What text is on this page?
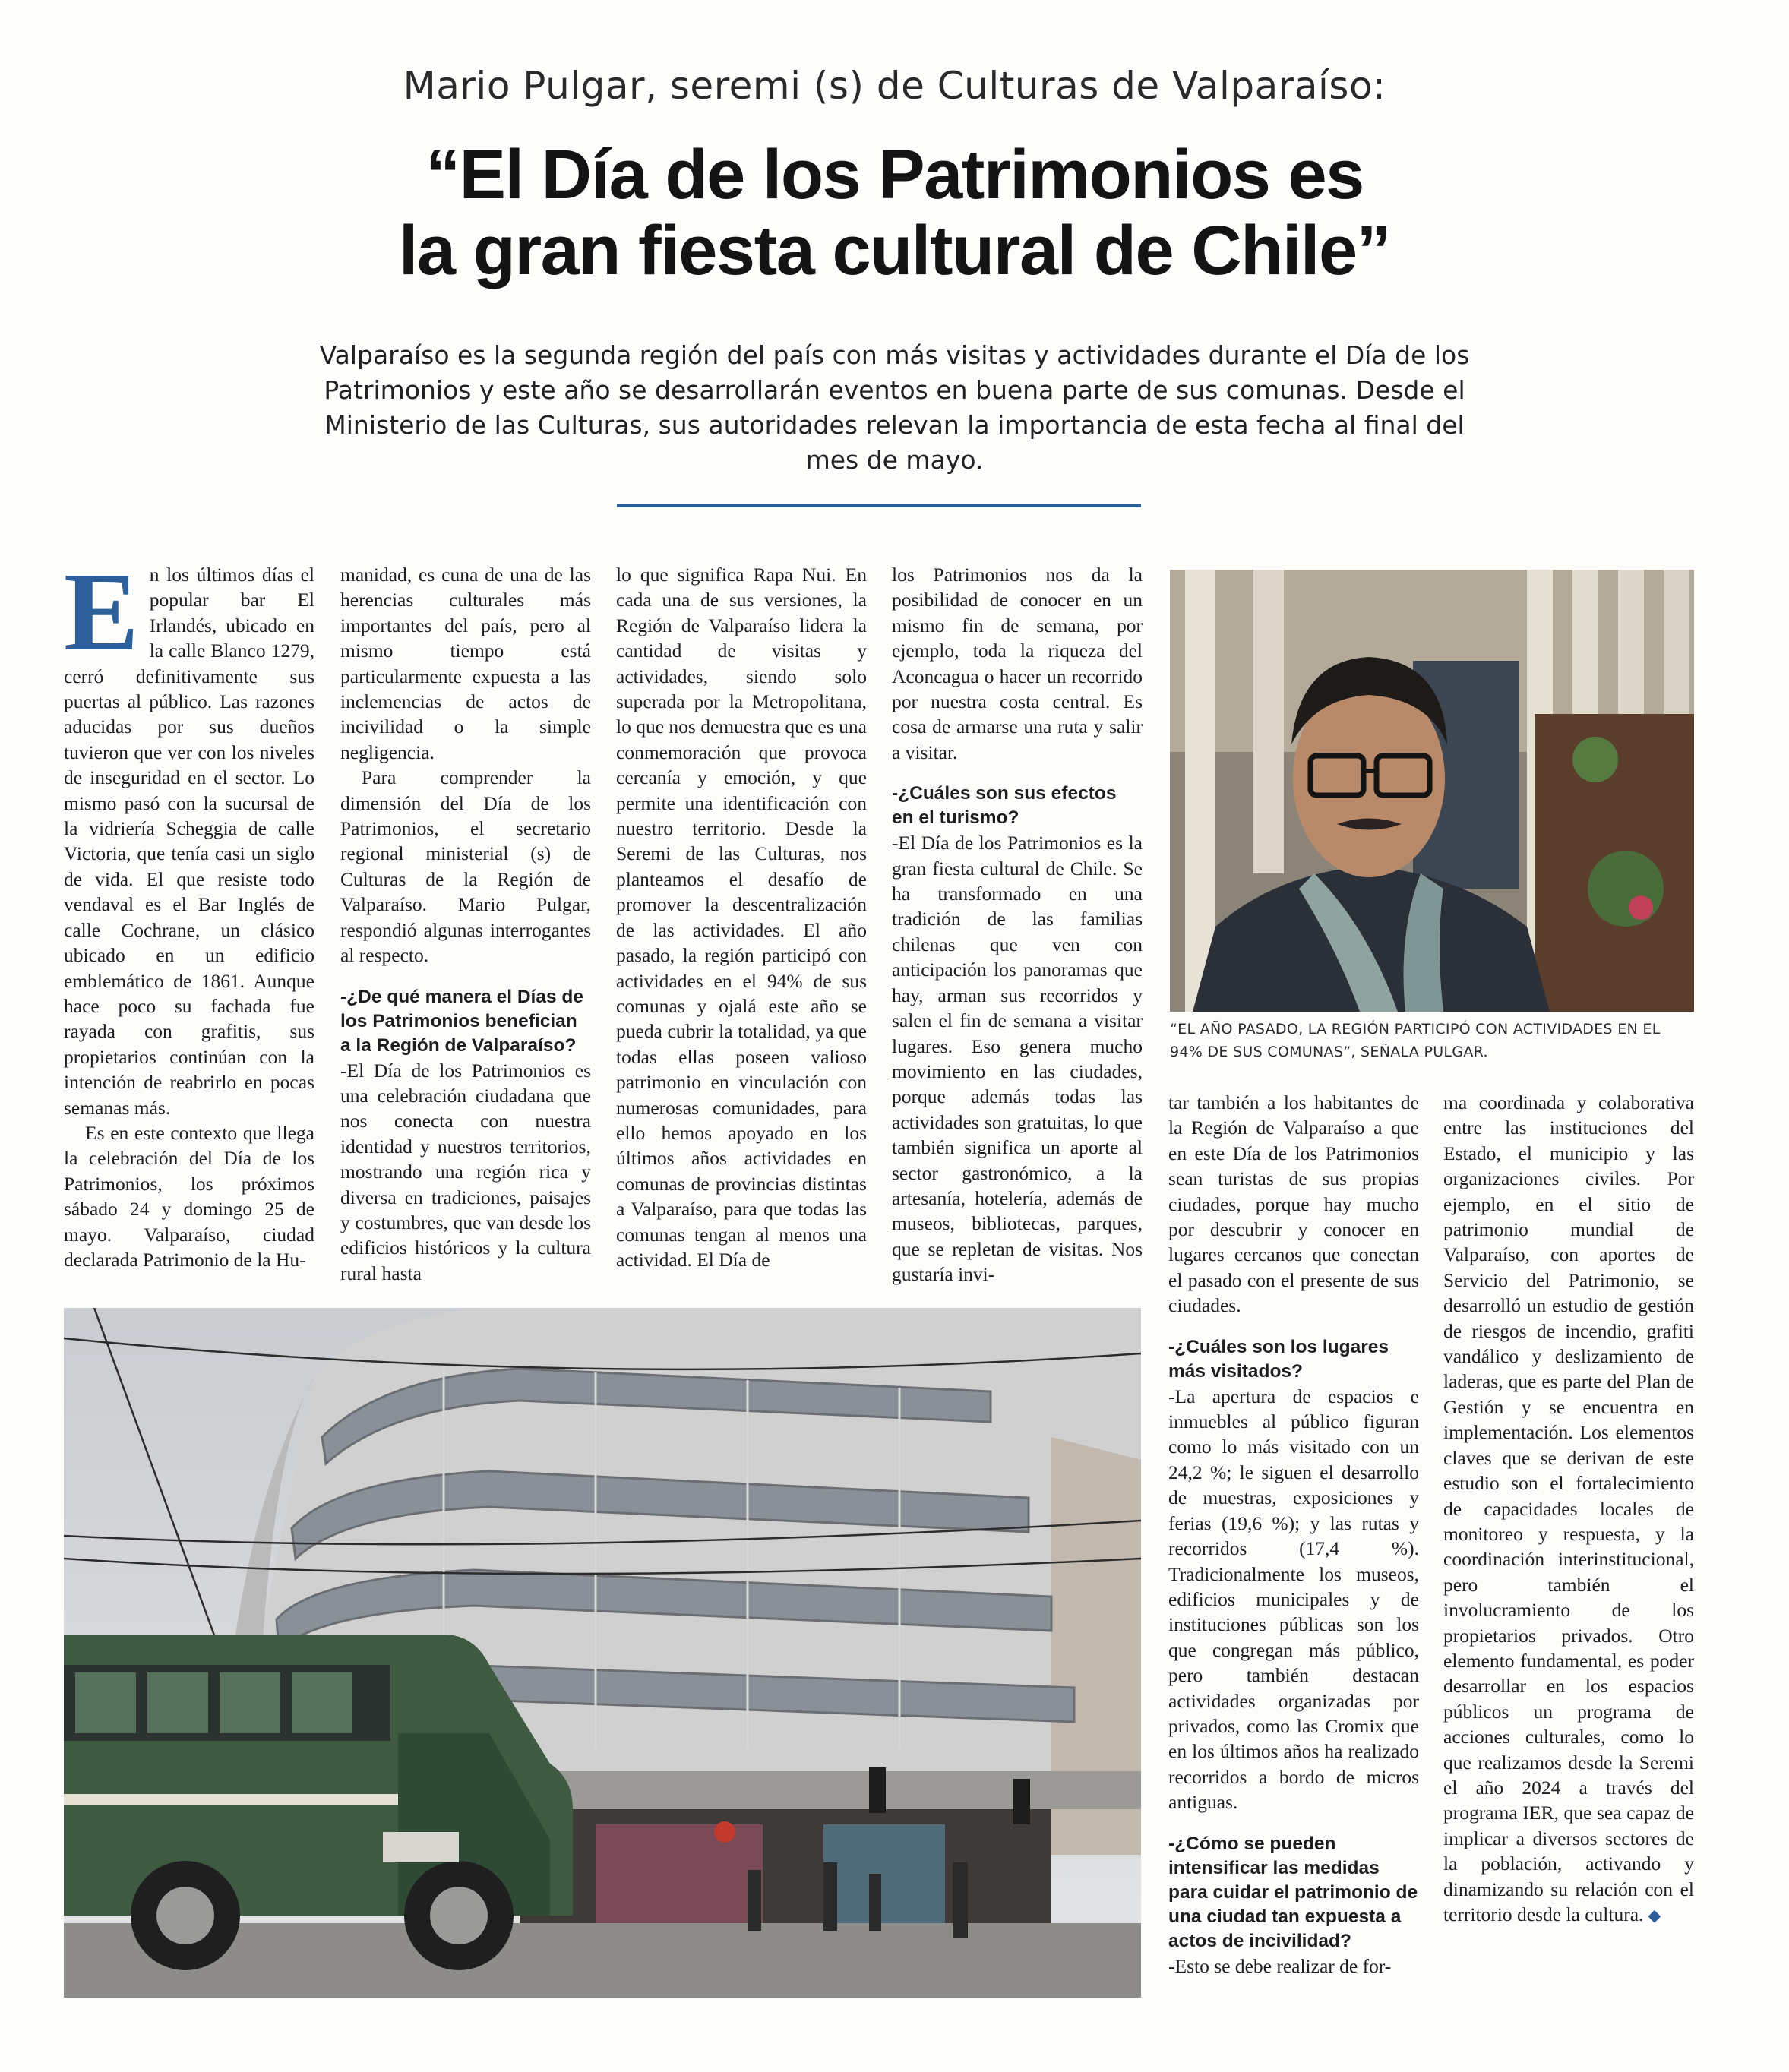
Mario Pulgar, seremi (s) de Culturas de Valparaíso:
“El Día de los Patrimonios es
la gran fiesta cultural de Chile”
Valparaíso es la segunda región del país con más visitas y actividades durante el Día de los Patrimonios y este año se desarrollarán eventos en buena parte de sus comunas. Desde el Ministerio de las Culturas, sus autoridades relevan la importancia de esta fecha al final del mes de mayo.
E n los últimos días el popular bar El Irlandés, ubicado en la calle Blanco 1279, cerró definitivamente sus puertas al público. Las razones aducidas por sus dueños tuvieron que ver con los niveles de inseguridad en el sector. Lo mismo pasó con la sucursal de la vidriería Scheggia de calle Victoria, que tenía casi un siglo de vida. El que resiste todo vendaval es el Bar Inglés de calle Cochrane, un clásico ubicado en un edificio emblemático de 1861. Aunque hace poco su fachada fue rayada con grafitis, sus propietarios continúan con la intención de reabrirlo en pocas semanas más.

Es en este contexto que llega la celebración del Día de los Patrimonios, los próximos sábado 24 y domingo 25 de mayo. Valparaíso, ciudad declarada Patrimonio de la Hu-

manidad, es cuna de una de las herencias culturales más importantes del país, pero al mismo tiempo está particularmente expuesta a las inclemencias de actos de incivilidad o la simple negligencia.

Para comprender la dimensión del Día de los Patrimonios, el secretario regional ministerial (s) de Culturas de la Región de Valparaíso. Mario Pulgar, respondió algunas interrogantes al respecto.

-¿De qué manera el Días de los Patrimonios benefician a la Región de Valparaíso?

-El Día de los Patrimonios es una celebración ciudadana que nos conecta con nuestra identidad y nuestros territorios, mostrando una región rica y diversa en tradiciones, paisajes y costumbres, que van desde los edificios históricos y la cultura rural hasta

lo que significa Rapa Nui. En cada una de sus versiones, la Región de Valparaíso lidera la cantidad de visitas y actividades, siendo solo superada por la Metropolitana, lo que nos demuestra que es una conmemoración que provoca cercanía y emoción, y que permite una identificación con nuestro territorio. Desde la Seremi de las Culturas, nos planteamos el desafío de promover la descentralización de las actividades. El año pasado, la región participó con actividades en el 94% de sus comunas y ojalá este año se pueda cubrir la totalidad, ya que todas ellas poseen valioso patrimonio en vinculación con numerosas comunidades, para ello hemos apoyado en los últimos años actividades en comunas de provincias distintas a Valparaíso, para que todas las comunas tengan al menos una actividad. El Día de

los Patrimonios nos da la posibilidad de conocer en un mismo fin de semana, por ejemplo, toda la riqueza del Aconcagua o hacer un recorrido por nuestra costa central. Es cosa de armarse una ruta y salir a visitar.

-¿Cuáles son sus efectos en el turismo?

-El Día de los Patrimonios es la gran fiesta cultural de Chile. Se ha transformado en una tradición de las familias chilenas que ven con anticipación los panoramas que hay, arman sus recorridos y salen el fin de semana a visitar lugares. Eso genera mucho movimiento en las ciudades, porque además todas las actividades son gratuitas, lo que también significa un aporte al sector gastronómico, a la artesanía, hotelería, además de museos, bibliotecas, parques, que se repletan de visitas. Nos gustaría invi-

“EL AÑO PASADO, LA REGIÓN PARTICIPÓ CON ACTIVIDADES EN EL 94% DE SUS COMUNAS”, SEÑALA PULGAR.

tar también a los habitantes de la Región de Valparaíso a que en este Día de los Patrimonios sean turistas de sus propias ciudades, porque hay mucho por descubrir y conocer en lugares cercanos que conectan el pasado con el presente de sus ciudades.

-¿Cuáles son los lugares más visitados?

-La apertura de espacios e inmuebles al público figuran como lo más visitado con un 24,2 %; le siguen el desarrollo de muestras, exposiciones y ferias (19,6 %); y las rutas y recorridos (17,4 %). Tradicionalmente los museos, edificios municipales y de instituciones públicas son los que congregan más público, pero también destacan actividades organizadas por privados, como las Cromix que en los últimos años ha realizado recorridos a bordo de micros antiguas.

-¿Cómo se pueden intensificar las medidas para cuidar el patrimonio de una ciudad tan expuesta a actos de incivilidad?

-Esto se debe realizar de for-

ma coordinada y colaborativa entre las instituciones del Estado, el municipio y las organizaciones civiles. Por ejemplo, en el sitio de patrimonio mundial de Valparaíso, con aportes de Servicio del Patrimonio, se desarrolló un estudio de gestión de riesgos de incendio, grafiti vandálico y deslizamiento de laderas, que es parte del Plan de Gestión y se encuentra en implementación. Los elementos claves que se derivan de este estudio son el fortalecimiento de capacidades locales de monitoreo y respuesta, y la coordinación interinstitucional, pero también el involucramiento de los propietarios privados. Otro elemento fundamental, es poder desarrollar en los espacios públicos un programa de acciones culturales, como lo que realizamos desde la Seremi el año 2024 a través del programa IER, que sea capaz de implicar a diversos sectores de la población, activando y dinamizando su relación con el territorio desde la cultura. ◆
